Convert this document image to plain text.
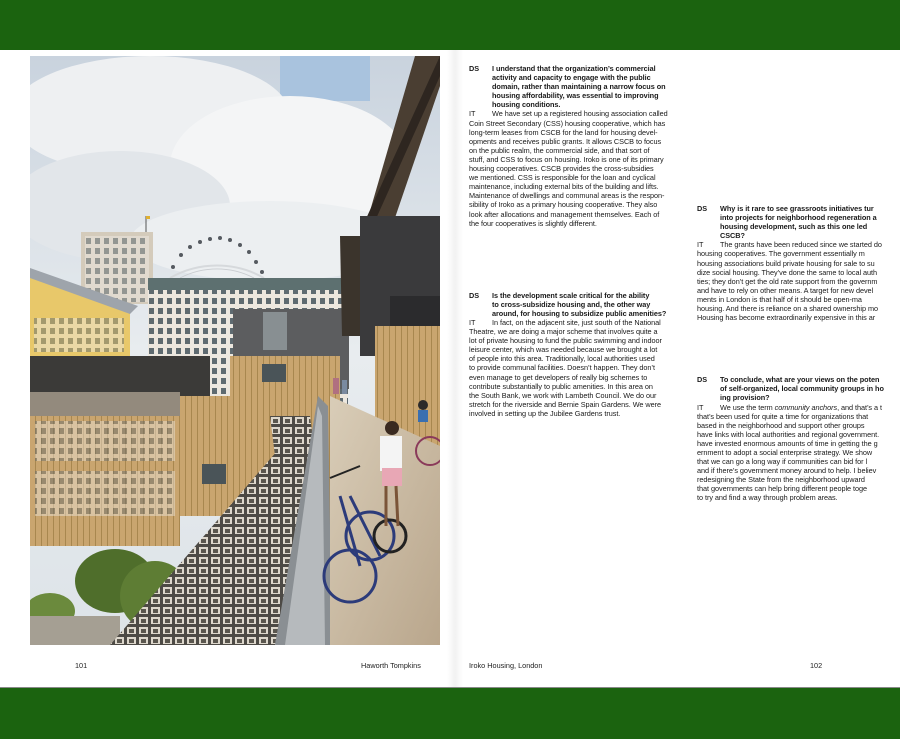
101	Haworth Tompkins
DS	I understand that the organization’s commercial
activity and capacity to engage with the public
domain, rather than maintaining a narrow focus on
housing affordability, was essential to improving
housing conditions.
IT We have set up a registered housing association called
Coin Street Secondary (CSS) housing cooperative, which has
long-term leases from CSCB for the land for housing devel-
opments and receives public grants. It allows CSCB to focus
on the public realm, the commercial side, and that sort of
stuff, and CSS to focus on housing. Iroko is one of its primary
housing cooperatives. CSCB provides the cross-subsidies
we mentioned. CSS is responsible for the loan and cyclical
maintenance, including external bits of the building and lifts.
Maintenance of dwellings and communal areas is the respon-
sibility of Iroko as a primary housing cooperative. They also
look after allocations and management themselves. Each of
the four cooperatives is slightly different.
DS	Is the development scale critical for the ability
to cross-subsidize housing and, the other way
around, for housing to subsidize public amenities?
IT In fact, on the adjacent site, just south of the National
Theatre, we are doing a major scheme that involves quite a
lot of private housing to fund the public swimming and indoor
leisure center, which was needed because we brought a lot
of people into this area. Traditionally, local authorities used
to provide communal facilities. Doesn’t happen. They don’t
even manage to get developers of really big schemes to
contribute substantially to public amenities. In this area on
the South Bank, we work with Lambeth Council. We do our
stretch for the riverside and Bernie Spain Gardens. We were
involved in setting up the Jubilee Gardens trust.
DS	Why is it rare to see grassroots initiatives tur
into projects for neighborhood regeneration a
housing development, such as this one led
CSCB?
IT The grants have been reduced since we started do
housing cooperatives. The government essentially m
housing associations build private housing for sale to su
dize social housing. They’ve done the same to local auth
ties; they don’t get the old rate support from the governm
and have to rely on other means. A target for new devel
ments in London is that half of it should be open-ma
housing. And there is reliance on a shared ownership mo
Housing has become extraordinarily expensive in this ar
DS	To conclude, what are your views on the poten
of self-organized, local community groups in ho
ing provision?
IT We use the term community anchors, and that’s a t
that’s been used for quite a time for organizations that
based in the neighborhood and support other groups
have links with local authorities and regional government.
have invested enormous amounts of time in getting the g
ernment to adopt a social enterprise strategy. We show
that we can go a long way if communities can bid for l
and if there’s government money around to help. I believ
redesigning the State from the neighborhood upward
that governments can help bring different people toge
to try and find a way through problem areas.
Iroko Housing, London	102
